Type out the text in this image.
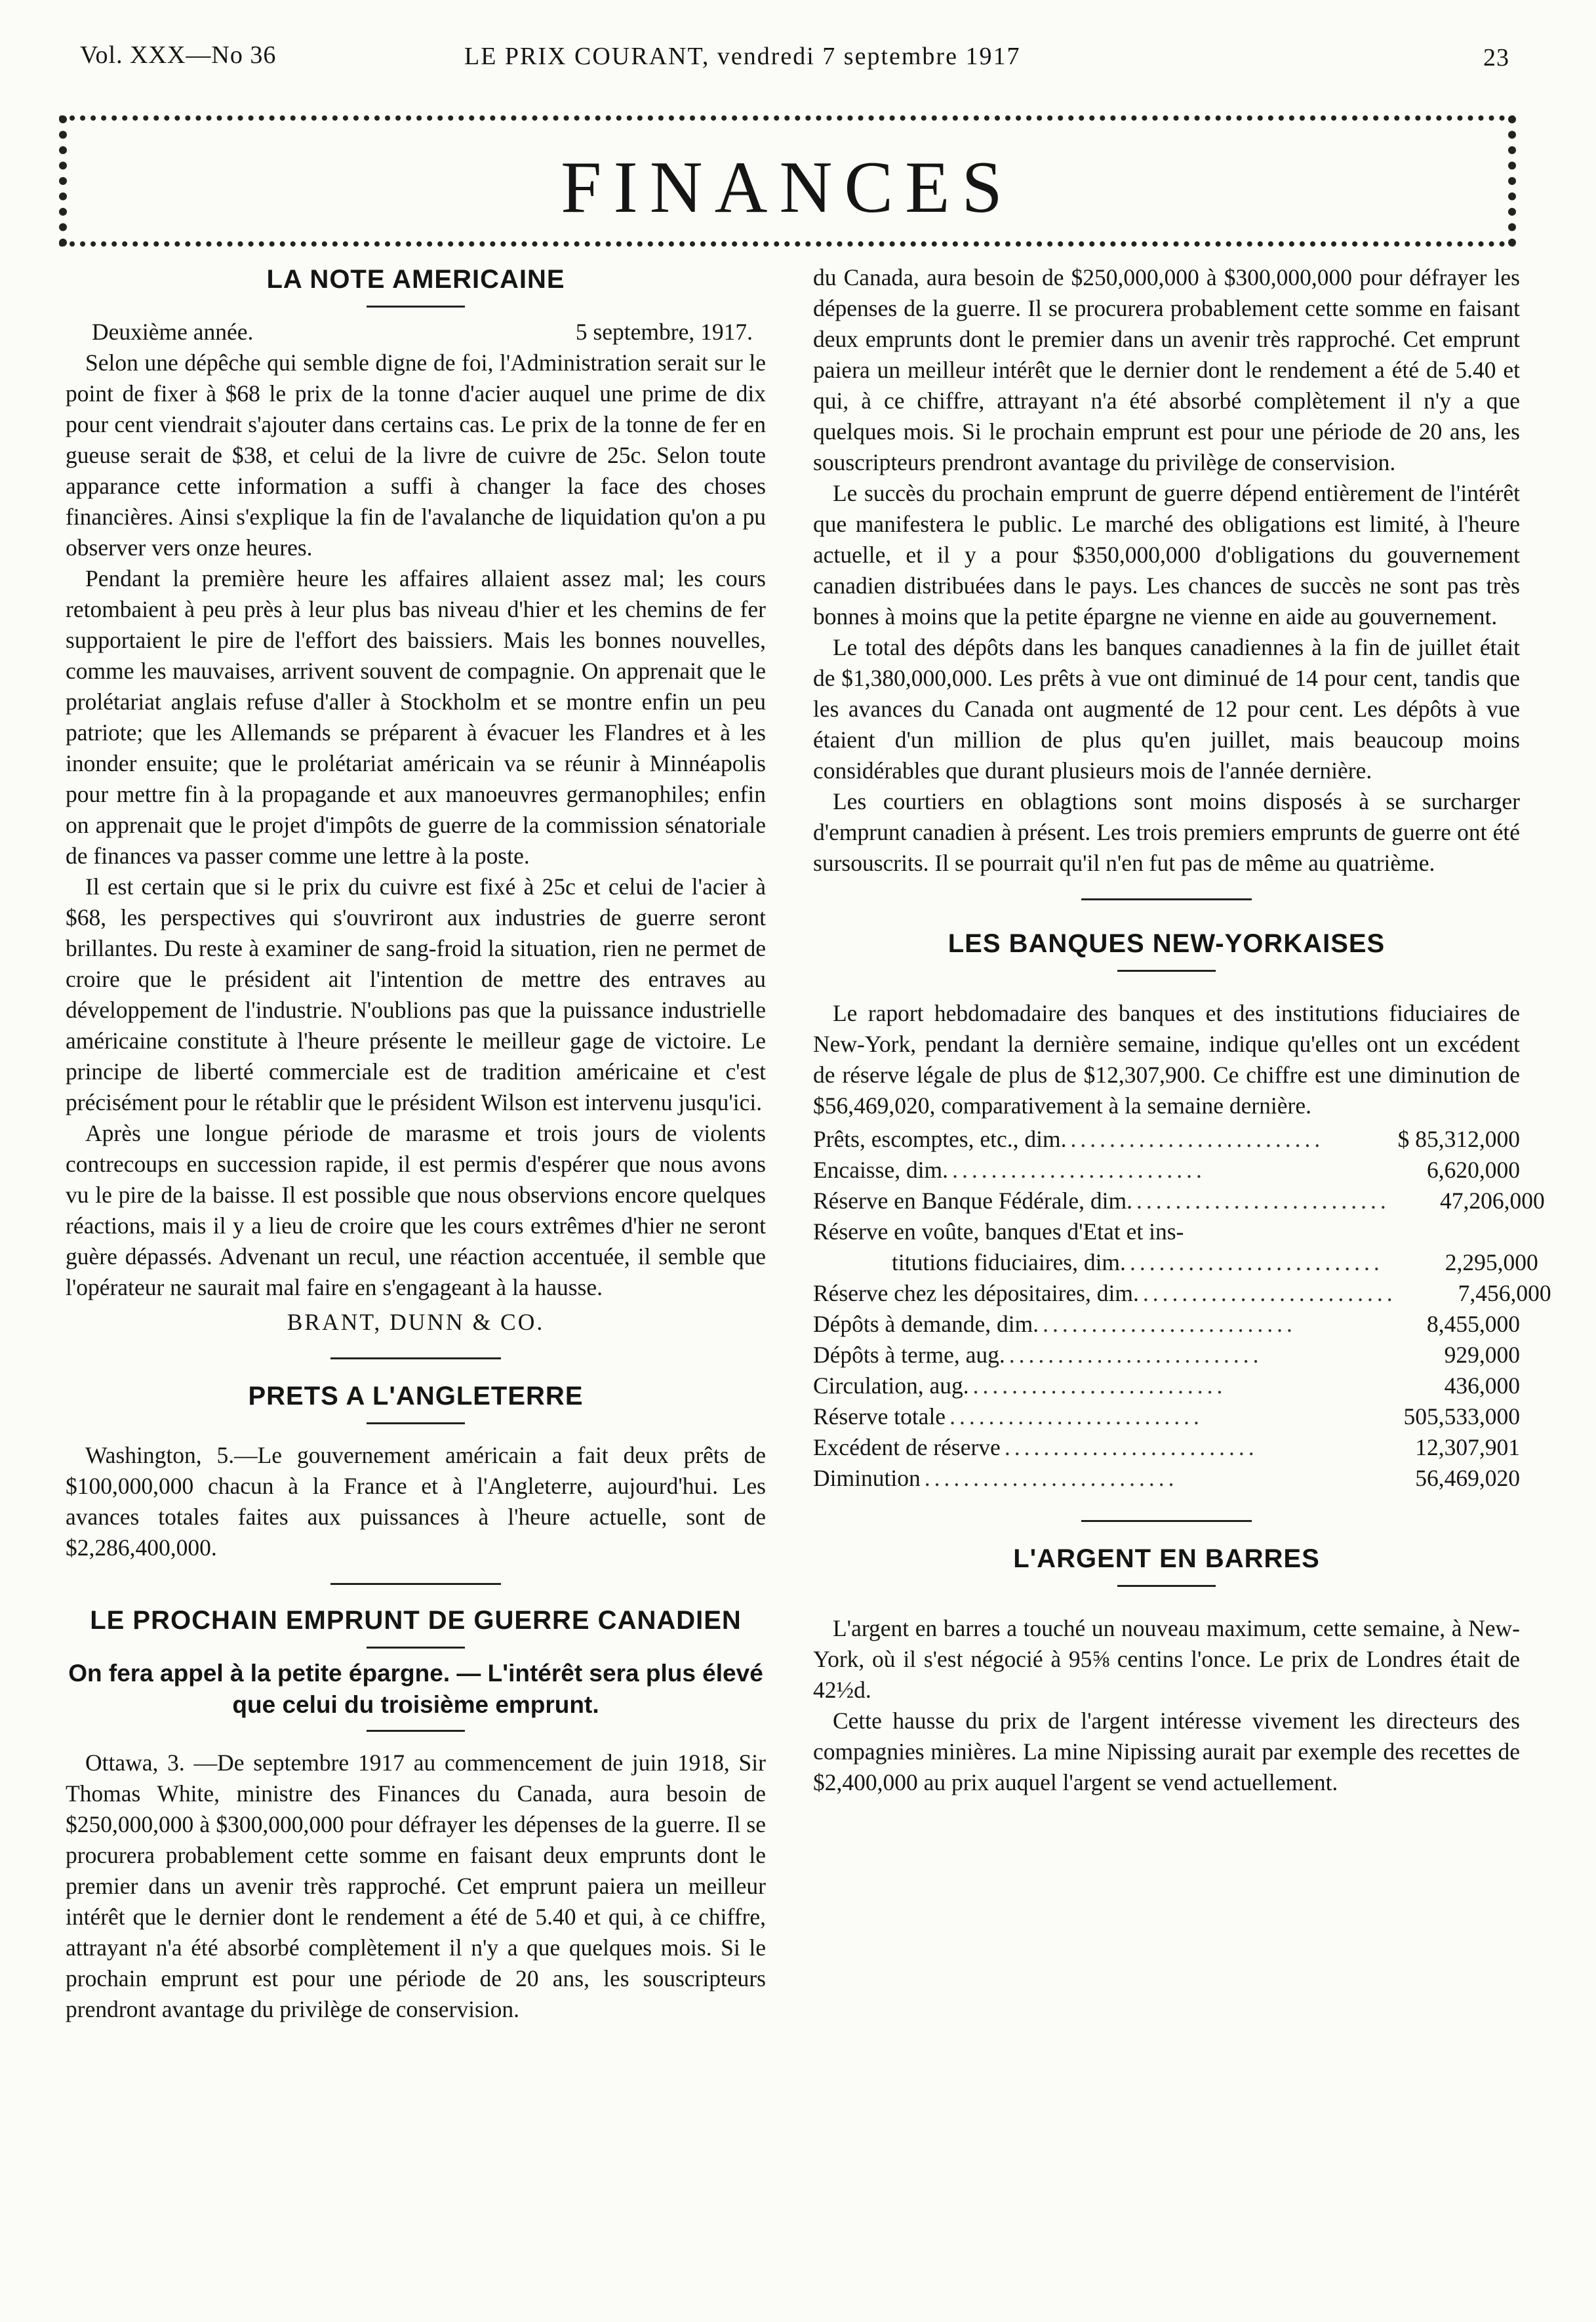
Vol. XXX—No 36	LE PRIX COURANT, vendredi 7 septembre 1917	23
FINANCES
LA NOTE AMERICAINE
Deuxième année.	5 septembre, 1917.

Selon une dépêche qui semble digne de foi, l'Administration serait sur le point de fixer à $68 le prix de la tonne d'acier auquel une prime de dix pour cent viendrait s'ajouter dans certains cas. Le prix de la tonne de fer en gueuse serait de $38, et celui de la livre de cuivre de 25c. Selon toute apparance cette information a suffi à changer la face des choses financières. Ainsi s'explique la fin de l'avalanche de liquidation qu'on a pu observer vers onze heures.

Pendant la première heure les affaires allaient assez mal; les cours retombaient à peu près à leur plus bas niveau d'hier et les chemins de fer supportaient le pire de l'effort des baissiers. Mais les bonnes nouvelles, comme les mauvaises, arrivent souvent de compagnie. On apprenait que le prolétariat anglais refuse d'aller à Stockholm et se montre enfin un peu patriote; que les Allemands se préparent à évacuer les Flandres et à les inonder ensuite; que le prolétariat américain va se réunir à Minnéapolis pour mettre fin à la propagande et aux manoeuvres germanophiles; enfin on apprenait que le projet d'impôts de guerre de la commission sénatoriale de finances va passer comme une lettre à la poste.

Il est certain que si le prix du cuivre est fixé à 25c et celui de l'acier à $68, les perspectives qui s'ouvriront aux industries de guerre seront brillantes. Du reste à examiner de sang-froid la situation, rien ne permet de croire que le président ait l'intention de mettre des entraves au développement de l'industrie. N'oublions pas que la puissance industrielle américaine constitute à l'heure présente le meilleur gage de victoire. Le principe de liberté commerciale est de tradition américaine et c'est précisément pour le rétablir que le président Wilson est intervenu jusqu'ici.

Après une longue période de marasme et trois jours de violents contrecoups en succession rapide, il est permis d'espérer que nous avons vu le pire de la baisse. Il est possible que nous observions encore quelques réactions, mais il y a lieu de croire que les cours extrêmes d'hier ne seront guère dépassés. Advenant un recul, une réaction accentuée, il semble que l'opérateur ne saurait mal faire en s'engageant à la hausse.

BRANT, DUNN & CO.
PRETS A L'ANGLETERRE

Washington, 5.—Le gouvernement américain a fait deux prêts de $100,000,000 chacun à la France et à l'Angleterre, aujourd'hui. Les avances totales faites aux puissances à l'heure actuelle, sont de $2,286,400,000.

LE PROCHAIN EMPRUNT DE GUERRE CANADIEN
On fera appel à la petite épargne. — L'intérêt sera plus élevé que celui du troisième emprunt.

Ottawa, 3. —De septembre 1917 au commencement de juin 1918, Sir Thomas White, ministre des Finances du Canada, aura besoin de $250,000,000 à $300,000,000 pour défrayer les dépenses de la guerre. Il se procurera probablement cette somme en faisant deux emprunts dont le premier dans un avenir très rapproché. Cet emprunt paiera un meilleur intérêt que le dernier dont le rendement a été de 5.40 et qui, à ce chiffre, attrayant n'a été absorbé complètement il n'y a que quelques mois. Si le prochain emprunt est pour une période de 20 ans, les souscripteurs prendront avantage du privilège de conservision.

du Canada, aura besoin de $250,000,000 à $300,000,000 pour défrayer les dépenses de la guerre. Il se procurera probablement cette somme en faisant deux emprunts dont le premier dans un avenir très rapproché. Cet emprunt paiera un meilleur intérêt que le dernier dont le rendement a été de 5.40 et qui, à ce chiffre, attrayant n'a été absorbé complètement il n'y a que quelques mois. Si le prochain emprunt est pour une période de 20 ans, les souscripteurs prendront avantage du privilège de conservision.

Le succès du prochain emprunt de guerre dépend entièrement de l'intérêt que manifestera le public. Le marché des obligations est limité, à l'heure actuelle, et il y a pour $350,000,000 d'obligations du gouvernement canadien distribuées dans le pays. Les chances de succès ne sont pas très bonnes à moins que la petite épargne ne vienne en aide au gouvernement.

Le total des dépôts dans les banques canadiennes à la fin de juillet était de $1,380,000,000. Les prêts à vue ont diminué de 14 pour cent, tandis que les avances du Canada ont augmenté de 12 pour cent. Les dépôts à vue étaient d'un million de plus qu'en juillet, mais beaucoup moins considérables que durant plusieurs mois de l'année dernière.

Les courtiers en oblagtions sont moins disposés à se surcharger d'emprunt canadien à présent. Les trois premiers emprunts de guerre ont été sursouscrits. Il se pourrait qu'il n'en fut pas de même au quatrième.

LES BANQUES NEW-YORKAISES

Le raport hebdomadaire des banques et des institutions fiduciaires de New-York, pendant la dernière semaine, indique qu'elles ont un excédent de réserve légale de plus de $12,307,900. Ce chiffre est une diminution de $56,469,020, comparativement à la semaine dernière.

Prêts, escomptes, etc., dim. ..........................	$ 85,312,000
Encaisse, dim. ..........................	6,620,000
Réserve en Banque Fédérale, dim. ..........................	47,206,000
Réserve en voûte, banques d'Etat et ins-
titutions fiduciaires, dim. ..........................	2,295,000
Réserve chez les dépositaires, dim. ..........................	7,456,000
Dépôts à demande, dim. ..........................	8,455,000
Dépôts à terme, aug. ..........................	929,000
Circulation, aug. ..........................	436,000
Réserve totale ..........................	505,533,000
Excédent de réserve ..........................	12,307,901
Diminution ..........................	56,469,020
L'ARGENT EN BARRES

L'argent en barres a touché un nouveau maximum, cette semaine, à New-York, où il s'est négocié à 95⅝ centins l'once. Le prix de Londres était de 42½d.

Cette hausse du prix de l'argent intéresse vivement les directeurs des compagnies minières. La mine Nipissing aurait par exemple des recettes de $2,400,000 au prix auquel l'argent se vend actuellement.
